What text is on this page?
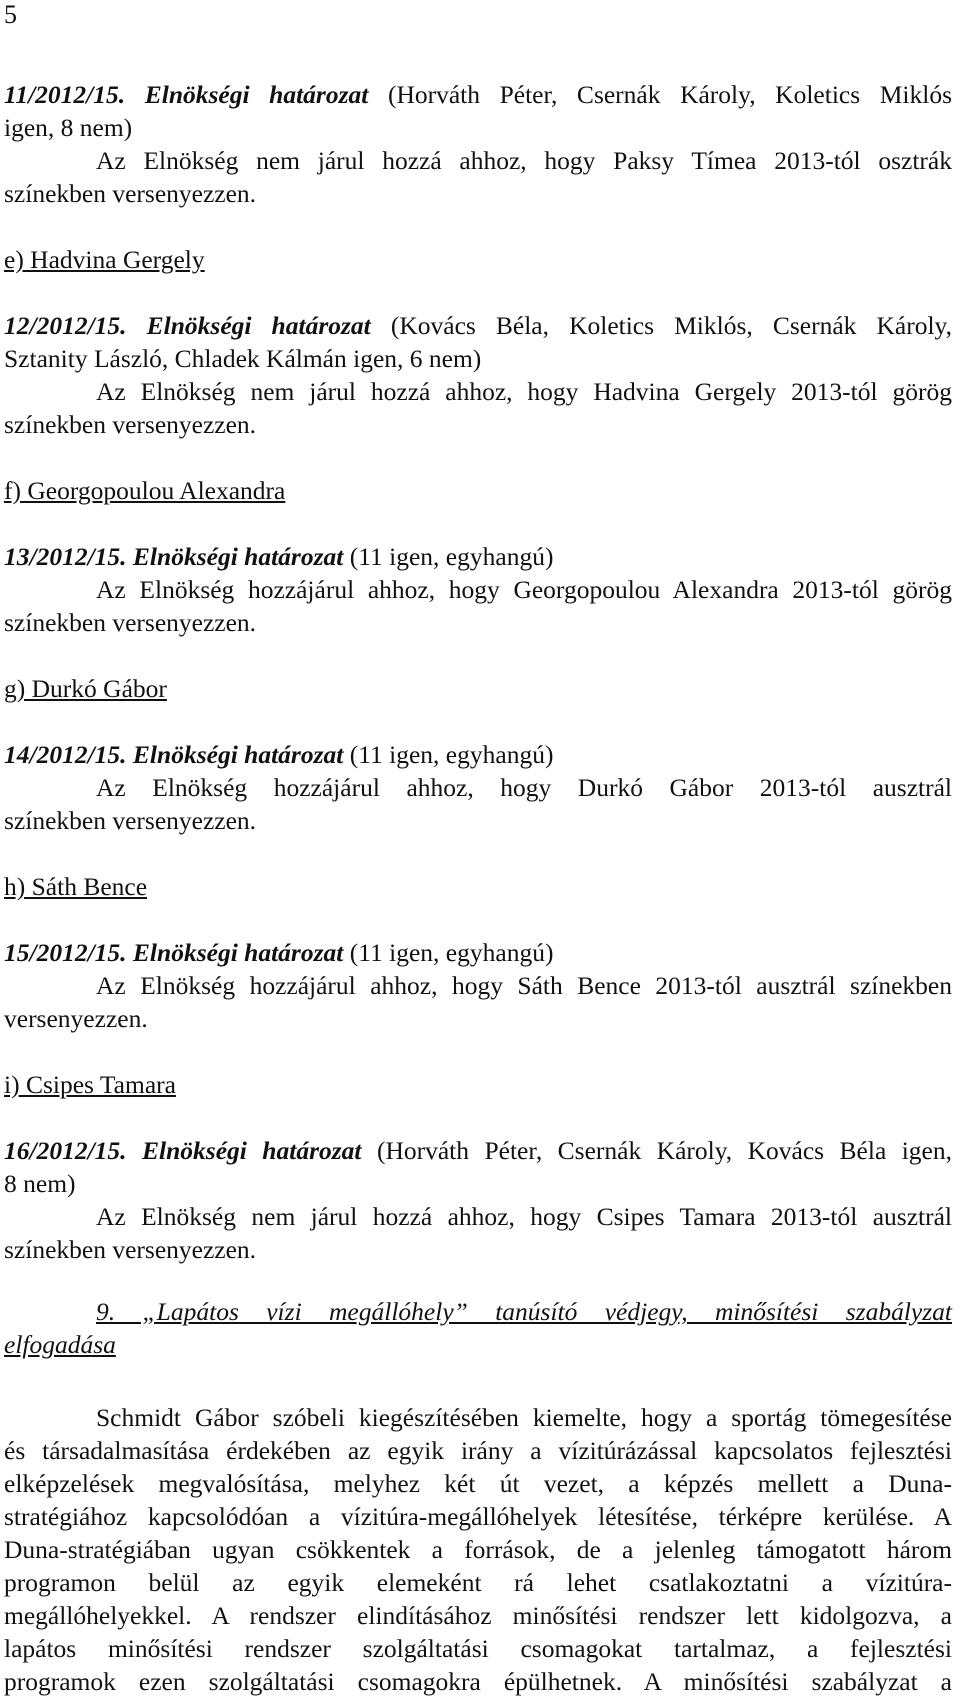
5

11/2012/15. Elnökségi határozat (Horváth Péter, Csernák Károly, Koletics Miklós

igen, 8 nem)

Az Elnökség nem járul hozzá ahhoz, hogy Paksy Tímea 2013-tól osztrák

színekben versenyezzen.

e) Hadvina Gergely

12/2012/15. Elnökségi határozat (Kovács Béla, Koletics Miklós, Csernák Károly,

Sztanity László, Chladek Kálmán igen, 6 nem)

Az Elnökség nem járul hozzá ahhoz, hogy Hadvina Gergely 2013-tól görög

színekben versenyezzen.

f) Georgopoulou Alexandra

13/2012/15. Elnökségi határozat (11 igen, egyhangú)

Az Elnökség hozzájárul ahhoz, hogy Georgopoulou Alexandra 2013-tól görög

színekben versenyezzen.

g) Durkó Gábor

14/2012/15. Elnökségi határozat (11 igen, egyhangú)

Az Elnökség hozzájárul ahhoz, hogy Durkó Gábor 2013-tól ausztrál

színekben versenyezzen.

h) Sáth Bence

15/2012/15. Elnökségi határozat (11 igen, egyhangú)

Az Elnökség hozzájárul ahhoz, hogy Sáth Bence 2013-tól ausztrál színekben

versenyezzen.

i) Csipes Tamara

16/2012/15. Elnökségi határozat (Horváth Péter, Csernák Károly, Kovács Béla igen,

8 nem)

Az Elnökség nem járul hozzá ahhoz, hogy Csipes Tamara 2013-tól ausztrál

színekben versenyezzen.

9. „Lapátos vízi megállóhely” tanúsító védjegy, minősítési szabályzat

elfogadása

Schmidt Gábor szóbeli kiegészítésében kiemelte, hogy a sportág tömegesítése

és társadalmasítása érdekében az egyik irány a vízitúrázással kapcsolatos fejlesztési

elképzelések megvalósítása, melyhez két út vezet, a képzés mellett a Duna-

stratégiához kapcsolódóan a vízitúra-megállóhelyek létesítése, térképre kerülése. A

Duna-stratégiában ugyan csökkentek a források, de a jelenleg támogatott három

programon belül az egyik elemeként rá lehet csatlakoztatni a vízitúra-

megállóhelyekkel. A rendszer elindításához minősítési rendszer lett kidolgozva, a

lapátos minősítési rendszer szolgáltatási csomagokat tartalmaz, a fejlesztési

programok ezen szolgáltatási csomagokra épülhetnek. A minősítési szabályzat a
